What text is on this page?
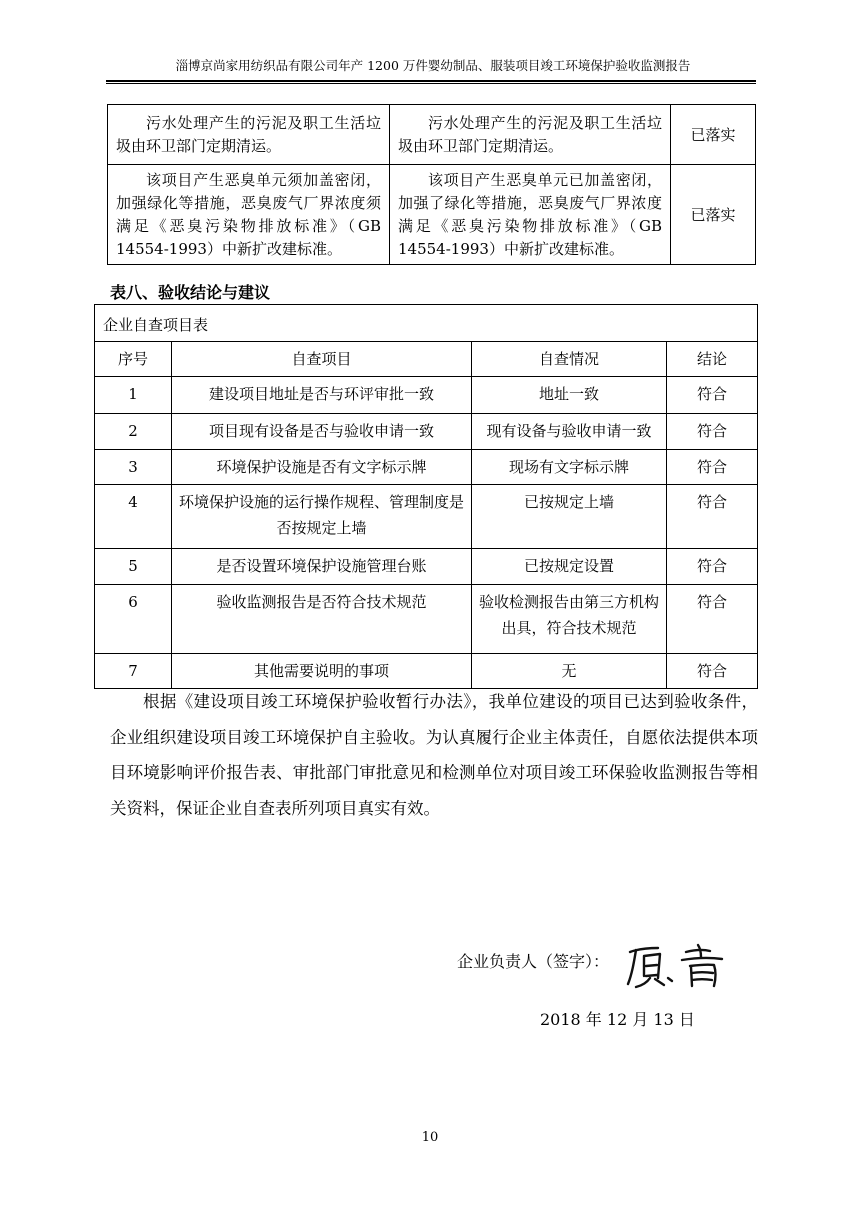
淄博京尚家用纺织品有限公司年产 1200 万件婴幼制品、服装项目竣工环境保护验收监测报告
污水处理产生的污泥及职工生活垃圾由环卫部门定期清运。	污水处理产生的污泥及职工生活垃圾由环卫部门定期清运。	已落实
该项目产生恶臭单元须加盖密闭，加强绿化等措施，恶臭废气厂界浓度须满足《恶臭污染物排放标准》（GB 14554-1993）中新扩改建标准。	该项目产生恶臭单元已加盖密闭，加强了绿化等措施，恶臭废气厂界浓度满足《恶臭污染物排放标准》（GB 14554-1993）中新扩改建标准。	已落实
表八、验收结论与建议
企业自查项目表			
序号	自查项目	自查情况	结论
1	建设项目地址是否与环评审批一致	地址一致	符合
2	项目现有设备是否与验收申请一致	现有设备与验收申请一致	符合
3	环境保护设施是否有文字标示牌	现场有文字标示牌	符合
4	环境保护设施的运行操作规程、管理制度是否按规定上墙	已按规定上墙	符合
5	是否设置环境保护设施管理台账	已按规定设置	符合
6	验收监测报告是否符合技术规范	验收检测报告由第三方机构出具，符合技术规范	符合
7	其他需要说明的事项	无	符合
根据《建设项目竣工环境保护验收暂行办法》，我单位建设的项目已达到验收条件，企业组织建设项目竣工环境保护自主验收。为认真履行企业主体责任，自愿依法提供本项目环境影响评价报告表、审批部门审批意见和检测单位对项目竣工环保验收监测报告等相关资料，保证企业自查表所列项目真实有效。
企业负责人（签字）：
2018 年 12 月 13 日
10
